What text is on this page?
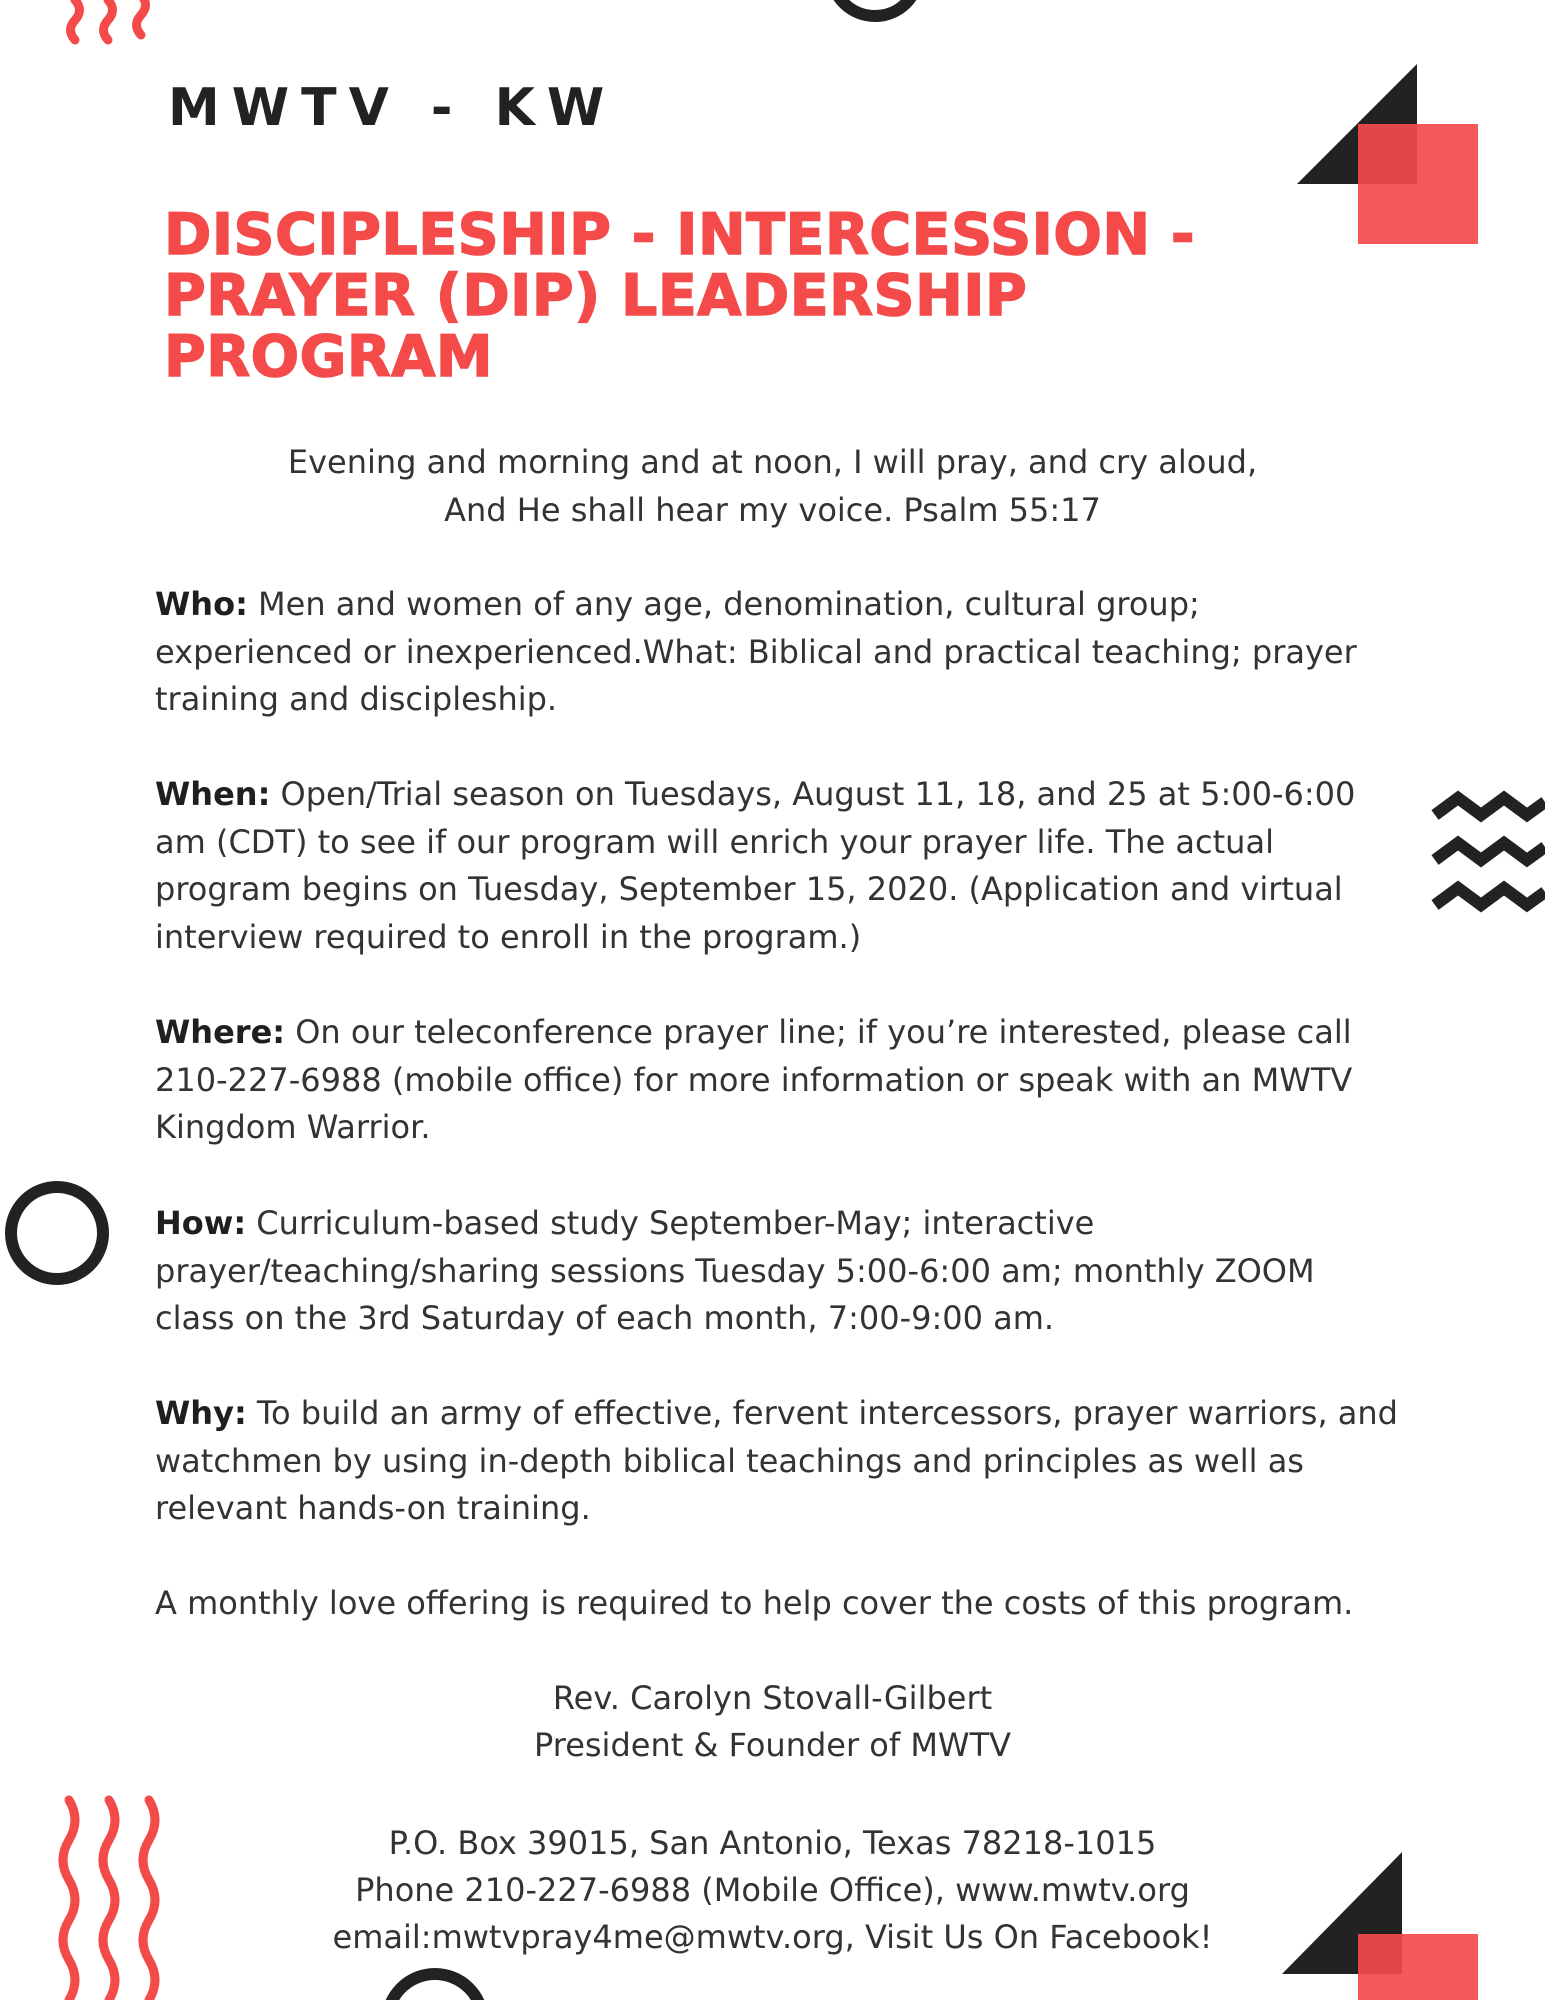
MWTV - KW
DISCIPLESHIP - INTERCESSION -
PRAYER (DIP) LEADERSHIP
PROGRAM

Evening and morning and at noon, I will pray, and cry aloud,
And He shall hear my voice. Psalm 55:17

Who: Men and women of any age, denomination, cultural group; experienced or inexperienced.What: Biblical and practical teaching; prayer training and discipleship.

When: Open/Trial season on Tuesdays, August 11, 18, and 25 at 5:00-6:00 am (CDT) to see if our program will enrich your prayer life. The actual program begins on Tuesday, September 15, 2020. (Application and virtual interview required to enroll in the program.)

Where: On our teleconference prayer line; if you’re interested, please call 210-227-6988 (mobile office) for more information or speak with an MWTV Kingdom Warrior.

How: Curriculum-based study September-May; interactive prayer/teaching/sharing sessions Tuesday 5:00-6:00 am; monthly ZOOM class on the 3rd Saturday of each month, 7:00-9:00 am.

Why: To build an army of effective, fervent intercessors, prayer warriors, and watchmen by using in-depth biblical teachings and principles as well as relevant hands-on training.

A monthly love offering is required to help cover the costs of this program.

Rev. Carolyn Stovall-Gilbert
President & Founder of MWTV

P.O. Box 39015, San Antonio, Texas 78218-1015
Phone 210-227-6988 (Mobile Office), www.mwtv.org
email:mwtvpray4me@mwtv.org, Visit Us On Facebook!
